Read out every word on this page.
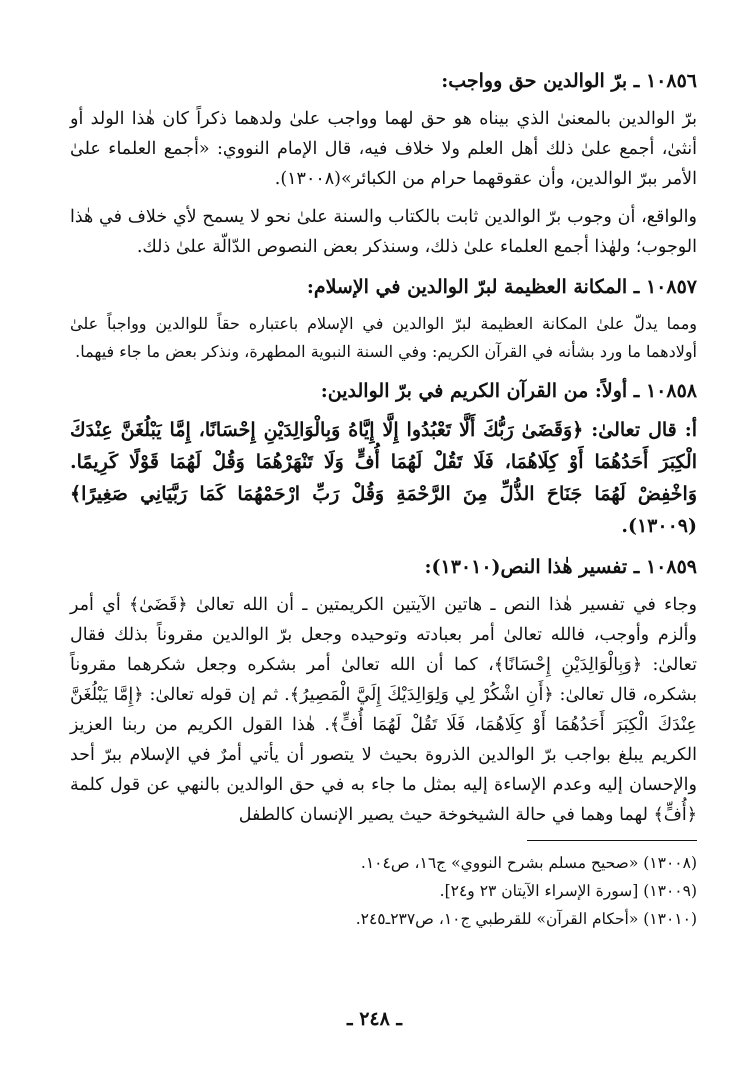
١٠٨٥٦ ـ برّ الوالدين حق وواجب:

برّ الوالدين بالمعنىٰ الذي بيناه هو حق لهما وواجب علىٰ ولدهما ذكراً كان هٰذا الولد أو أنثىٰ، أجمع علىٰ ذلك أهل العلم ولا خلاف فيه، قال الإمام النووي: «أجمع العلماء علىٰ الأمر ببرّ الوالدين، وأن عقوقهما حرام من الكبائر»(١٣٠٠٨).

والواقع، أن وجوب برّ الوالدين ثابت بالكتاب والسنة علىٰ نحو لا يسمح لأي خلاف في هٰذا الوجوب؛ ولهٰذا أجمع العلماء علىٰ ذلك، وسنذكر بعض النصوص الدّالّة علىٰ ذلك.

١٠٨٥٧ ـ المكانة العظيمة لبرّ الوالدين في الإسلام:

ومما يدلّ علىٰ المكانة العظيمة لبرّ الوالدين في الإسلام باعتباره حقاً للوالدين وواجباً علىٰ أولادهما ما ورد بشأنه في القرآن الكريم: وفي السنة النبوية المطهرة، ونذكر بعض ما جاء فيهما.

١٠٨٥٨ ـ أولاً: من القرآن الكريم في برّ الوالدين:

أ: قال تعالىٰ: ﴿وَقَضَىٰ رَبُّكَ أَلَّا تَعْبُدُوا إِلَّا إِيَّاهُ وَبِالْوَالِدَيْنِ إِحْسَانًا، إِمَّا يَبْلُغَنَّ عِنْدَكَ الْكِبَرَ أَحَدُهُمَا أَوْ كِلَاهُمَا، فَلَا تَقُلْ لَهُمَا أُفٍّ وَلَا تَنْهَرْهُمَا وَقُلْ لَهُمَا قَوْلًا كَرِيمًا. وَاخْفِضْ لَهُمَا جَنَاحَ الذُّلِّ مِنَ الرَّحْمَةِ وَقُلْ رَبِّ ارْحَمْهُمَا كَمَا رَبَّيَانِي صَغِيرًا﴾(١٣٠٠٩).

١٠٨٥٩ ـ تفسير هٰذا النص(١٣٠١٠):

وجاء في تفسير هٰذا النص ـ هاتين الآيتين الكريمتين ـ أن الله تعالىٰ ﴿قَضَىٰ﴾ أي أمر وألزم وأوجب، فالله تعالىٰ أمر بعبادته وتوحيده وجعل برّ الوالدين مقروناً بذلك فقال تعالىٰ: ﴿وَبِالْوَالِدَيْنِ إِحْسَانًا﴾، كما أن الله تعالىٰ أمر بشكره وجعل شكرهما مقروناً بشكره، قال تعالىٰ: ﴿أَنِ اشْكُرْ لِي وَلِوَالِدَيْكَ إِلَيَّ الْمَصِيرُ﴾. ثم إن قوله تعالىٰ: ﴿إِمَّا يَبْلُغَنَّ عِنْدَكَ الْكِبَرَ أَحَدُهُمَا أَوْ كِلَاهُمَا، فَلَا تَقُلْ لَهُمَا أُفٍّ﴾. هٰذا القول الكريم من ربنا العزيز الكريم يبلغ بواجب برّ الوالدين الذروة بحيث لا يتصور أن يأتي أمرٌ في الإسلام ببرّ أحد والإحسان إليه وعدم الإساءة إليه بمثل ما جاء به في حق الوالدين بالنهي عن قول كلمة ﴿أُفٍّ﴾ لهما وهما في حالة الشيخوخة حيث يصير الإنسان كالطفل

(١٣٠٠٨) «صحيح مسلم بشرح النووي» ج١٦، ص١٠٤.

(١٣٠٠٩) [سورة الإسراء الآيتان ٢٣ و٢٤].

(١٣٠١٠) «أحكام القرآن» للقرطبي ج١٠، ص٢٣٧ـ٢٤٥.

ـ ٢٤٨ ـ
